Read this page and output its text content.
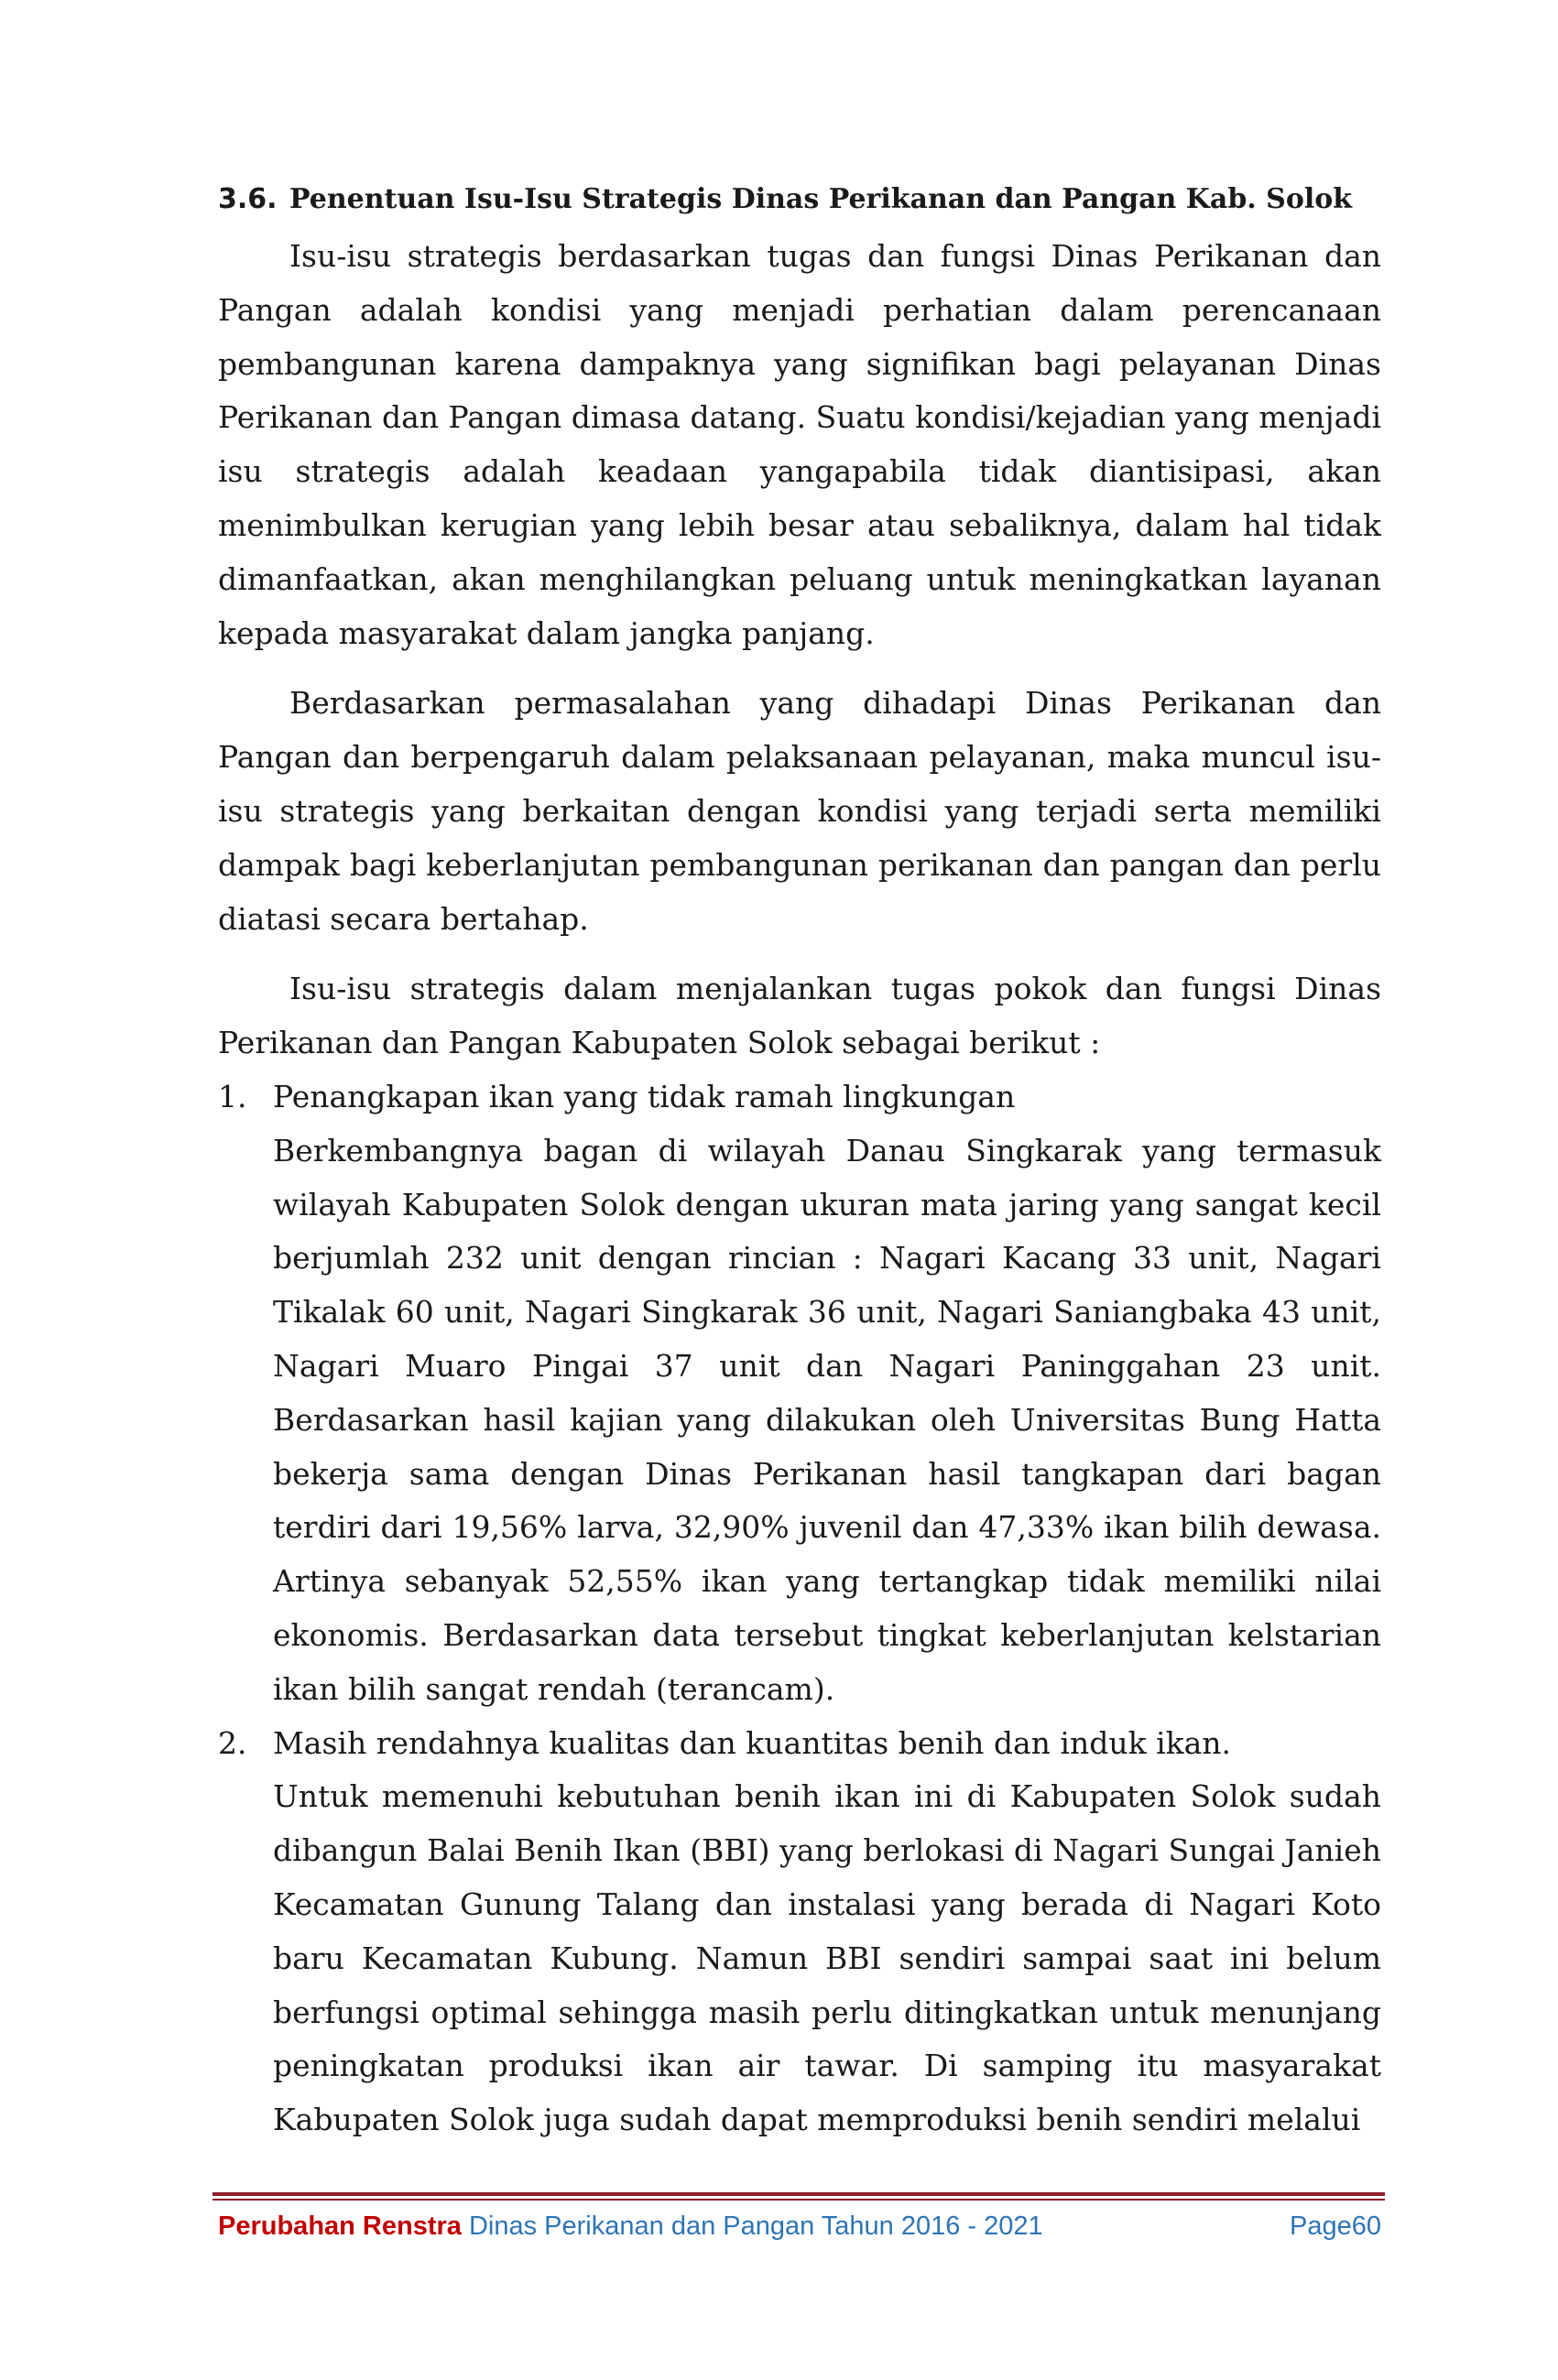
3.6. Penentuan Isu-Isu Strategis Dinas Perikanan dan Pangan Kab. Solok

Isu-isu strategis berdasarkan tugas dan fungsi Dinas Perikanan dan Pangan adalah kondisi yang menjadi perhatian dalam perencanaan pembangunan karena dampaknya yang signifikan bagi pelayanan Dinas Perikanan dan Pangan dimasa datang. Suatu kondisi/kejadian yang menjadi isu strategis adalah keadaan yangapabila tidak diantisipasi, akan menimbulkan kerugian yang lebih besar atau sebaliknya, dalam hal tidak dimanfaatkan, akan menghilangkan peluang untuk meningkatkan layanan kepada masyarakat dalam jangka panjang.

Berdasarkan permasalahan yang dihadapi Dinas Perikanan dan Pangan dan berpengaruh dalam pelaksanaan pelayanan, maka muncul isu-isu strategis yang berkaitan dengan kondisi yang terjadi serta memiliki dampak bagi keberlanjutan pembangunan perikanan dan pangan dan perlu diatasi secara bertahap.

Isu-isu strategis dalam menjalankan tugas pokok dan fungsi Dinas Perikanan dan Pangan Kabupaten Solok sebagai berikut :

1. Penangkapan ikan yang tidak ramah lingkungan
Berkembangnya bagan di wilayah Danau Singkarak yang termasuk wilayah Kabupaten Solok dengan ukuran mata jaring yang sangat kecil berjumlah 232 unit dengan rincian : Nagari Kacang 33 unit, Nagari Tikalak 60 unit, Nagari Singkarak 36 unit, Nagari Saniangbaka 43 unit, Nagari Muaro Pingai 37 unit dan Nagari Paninggahan 23 unit. Berdasarkan hasil kajian yang dilakukan oleh Universitas Bung Hatta bekerja sama dengan Dinas Perikanan hasil tangkapan dari bagan terdiri dari 19,56% larva, 32,90% juvenil dan 47,33% ikan bilih dewasa. Artinya sebanyak 52,55% ikan yang tertangkap tidak memiliki nilai ekonomis. Berdasarkan data tersebut tingkat keberlanjutan kelstarian ikan bilih sangat rendah (terancam).
2. Masih rendahnya kualitas dan kuantitas benih dan induk ikan.
Untuk memenuhi kebutuhan benih ikan ini di Kabupaten Solok sudah dibangun Balai Benih Ikan (BBI) yang berlokasi di Nagari Sungai Janieh Kecamatan Gunung Talang dan instalasi yang berada di Nagari Koto baru Kecamatan Kubung. Namun BBI sendiri sampai saat ini belum berfungsi optimal sehingga masih perlu ditingkatkan untuk menunjang peningkatan produksi ikan air tawar. Di samping itu masyarakat Kabupaten Solok juga sudah dapat memproduksi benih sendiri melalui
Perubahan Renstra Dinas Perikanan dan Pangan Tahun 2016 - 2021	Page60
